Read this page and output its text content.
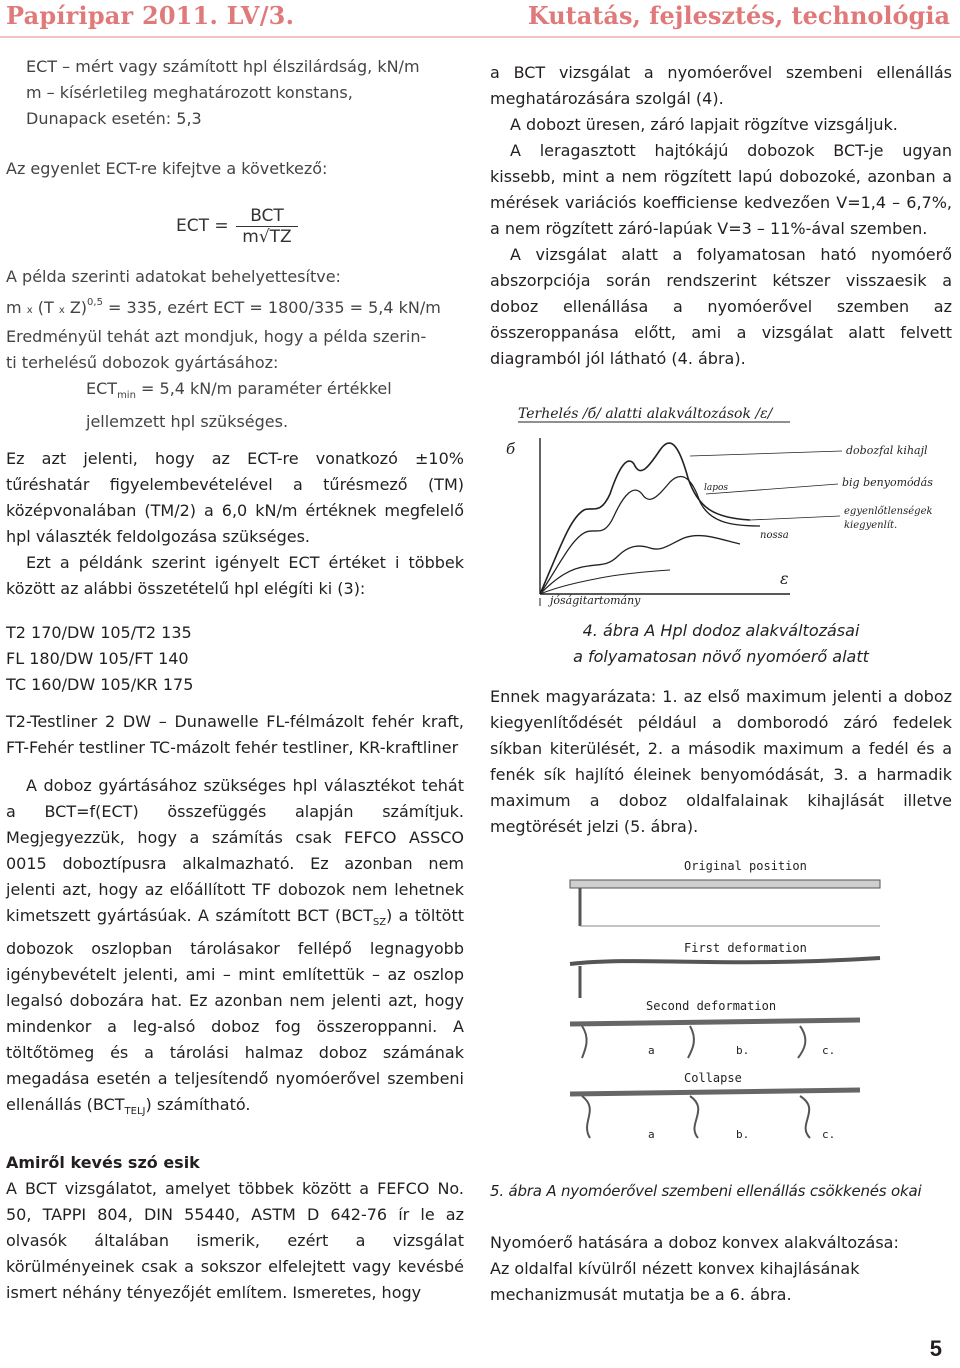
Papíripar 2011. LV/3.	Kutatás, fejlesztés, technológia

ECT – mért vagy számított hpl élszilárdság, kN/m

m – kísérletileg meghatározott konstans,

Dunapack esetén: 5,3

Az egyenlet ECT-re kifejtve a következő:

ECT =	BCT
m√TZ

A példa szerinti adatokat behelyettesítve:

m x (T x Z)$^{0,5}$ = 335, ezért ECT = 1800/335 = 5,4 kN/m

Eredményül tehát azt mondjuk, hogy a példa szerin-

ti terhelésű dobozok gyártásához:

$ECT_{min} = 5,4$ kN/m paraméter értékkel

jellemzett hpl szükséges.

Ez azt jelenti, hogy az ECT-re vonatkozó ±10% tűréshatár figyelembevételével a tűrésmező (TM) középvonalában (TM/2) a 6,0 kN/m értéknek megfelelő hpl választék feldolgozása szükséges.

Ezt a példánk szerint igényelt ECT értéket i többek között az alábbi összetételű hpl elégíti ki (3):

T2 170/DW 105/T2 135

FL 180/DW 105/FT 140

TC 160/DW 105/KR 175

T2-Testliner 2 DW – Dunawelle FL-félmázolt fehér kraft, FT-Fehér testliner TC-mázolt fehér testliner, KR-kraftliner

A doboz gyártásához szükséges hpl választékot tehát a BCT=f(ECT) összefüggés alapján számítjuk. Megjegyezzük, hogy a számítás csak FEFCO ASSCO 0015 doboztípusra alkalmazható. Ez azonban nem jelenti azt, hogy az előállított TF dobozok nem lehetnek kimetszett gyártásúak. A számított BCT $(BCT_{SZ})$ a töltött dobozok oszlopban tárolásakor fellépő legnagyobb igénybevételt jelenti, ami – mint említettük – az oszlop legalsó dobozára hat. Ez azonban nem jelenti azt, hogy mindenkor a leg-alsó doboz fog összeroppanni. A töltőtömeg és a tárolási halmaz doboz számának megadása esetén a teljesítendő nyomóerővel szembeni ellenállás $(BCT_{TELJ})$ számítható.

Amiről kevés szó esik

A BCT vizsgálatot, amelyet többek között a FEFCO No. 50, TAPPI 804, DIN 55440, ASTM D 642-76 ír le az olvasók általában ismerik, ezért a vizsgálat körülményeinek csak a sokszor elfelejtett vagy kevésbé ismert néhány tényezőjét említem. Ismeretes, hogy

a BCT vizsgálat a nyomóerővel szembeni ellenállás meghatározására szolgál (4).

A dobozt üresen, záró lapjait rögzítve vizsgáljuk.

A leragasztott hajtókájú dobozok BCT-je ugyan kissebb, mint a nem rögzített lapú dobozoké, azonban a mérések variációs koefficiense kedvezően V=1,4 – 6,7%, a nem rögzített záró-lapúak V=3 – 11%-ával szemben.

A vizsgálat alatt a folyamatosan ható nyomóerő abszorpciója során rendszerint kétszer visszaesik a doboz ellenállása a nyomóerővel szemben az összeroppanása előtt, ami a vizsgálat alatt felvett diagramból jól látható (4. ábra).

Terhelés /б/ alatti alakváltozások /ε/
б
ε
jóságitartomány
dobozfal kihajl
big benyomódás
egyenlőtlenségek
kiegyenlít.
lapos
nossa

4. ábra A Hpl dodoz alakváltozásai

a folyamatosan növő nyomóerő alatt

Ennek magyarázata: 1. az első maximum jelenti a doboz kiegyenlítődését például a domborodó záró fedelek síkban kiterülését, 2. a második maximum a fedél és a fenék sík hajlító éleinek benyomódását, 3. a harmadik maximum a doboz oldalfalainak kihajlását illetve megtörését jelzi (5. ábra).

Original position
First deformation
Second deformation
a	b.	c.
Collapse
a	b.	c.
5. ábra A nyomóerővel szembeni ellenállás csökkenés okai

Nyomóerő hatására a doboz konvex alakváltozása:

Az oldalfal kívülről nézett konvex kihajlásának mechanizmusát mutatja be a 6. ábra.

5
